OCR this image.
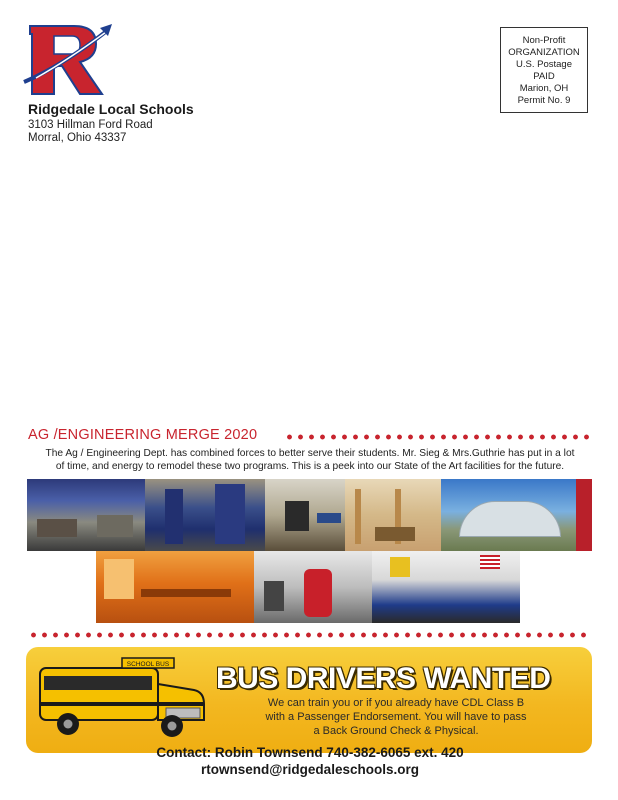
Ridgedale Local Schools
3103 Hillman Ford Road
Morral, Ohio 43337
Non-Profit
ORGANIZATION
U.S. Postage
PAID
Marion, OH
Permit No. 9
AG /ENGINEERING MERGE 2020
The Ag / Engineering Dept. has combined forces to better serve their students. Mr. Sieg & Mrs.Guthrie has put in a lot
of time, and energy to remodel these two programs. This is a peek into our State of the Art facilities for the future.
SCHOOL BUS BUS DRIVERS WANTED
We can train you or if you already have CDL Class B
with a Passenger Endorsement. You will have to pass
a Back Ground Check & Physical.
Contact: Robin Townsend 740-382-6065 ext. 420
rtownsend@ridgedaleschools.org
